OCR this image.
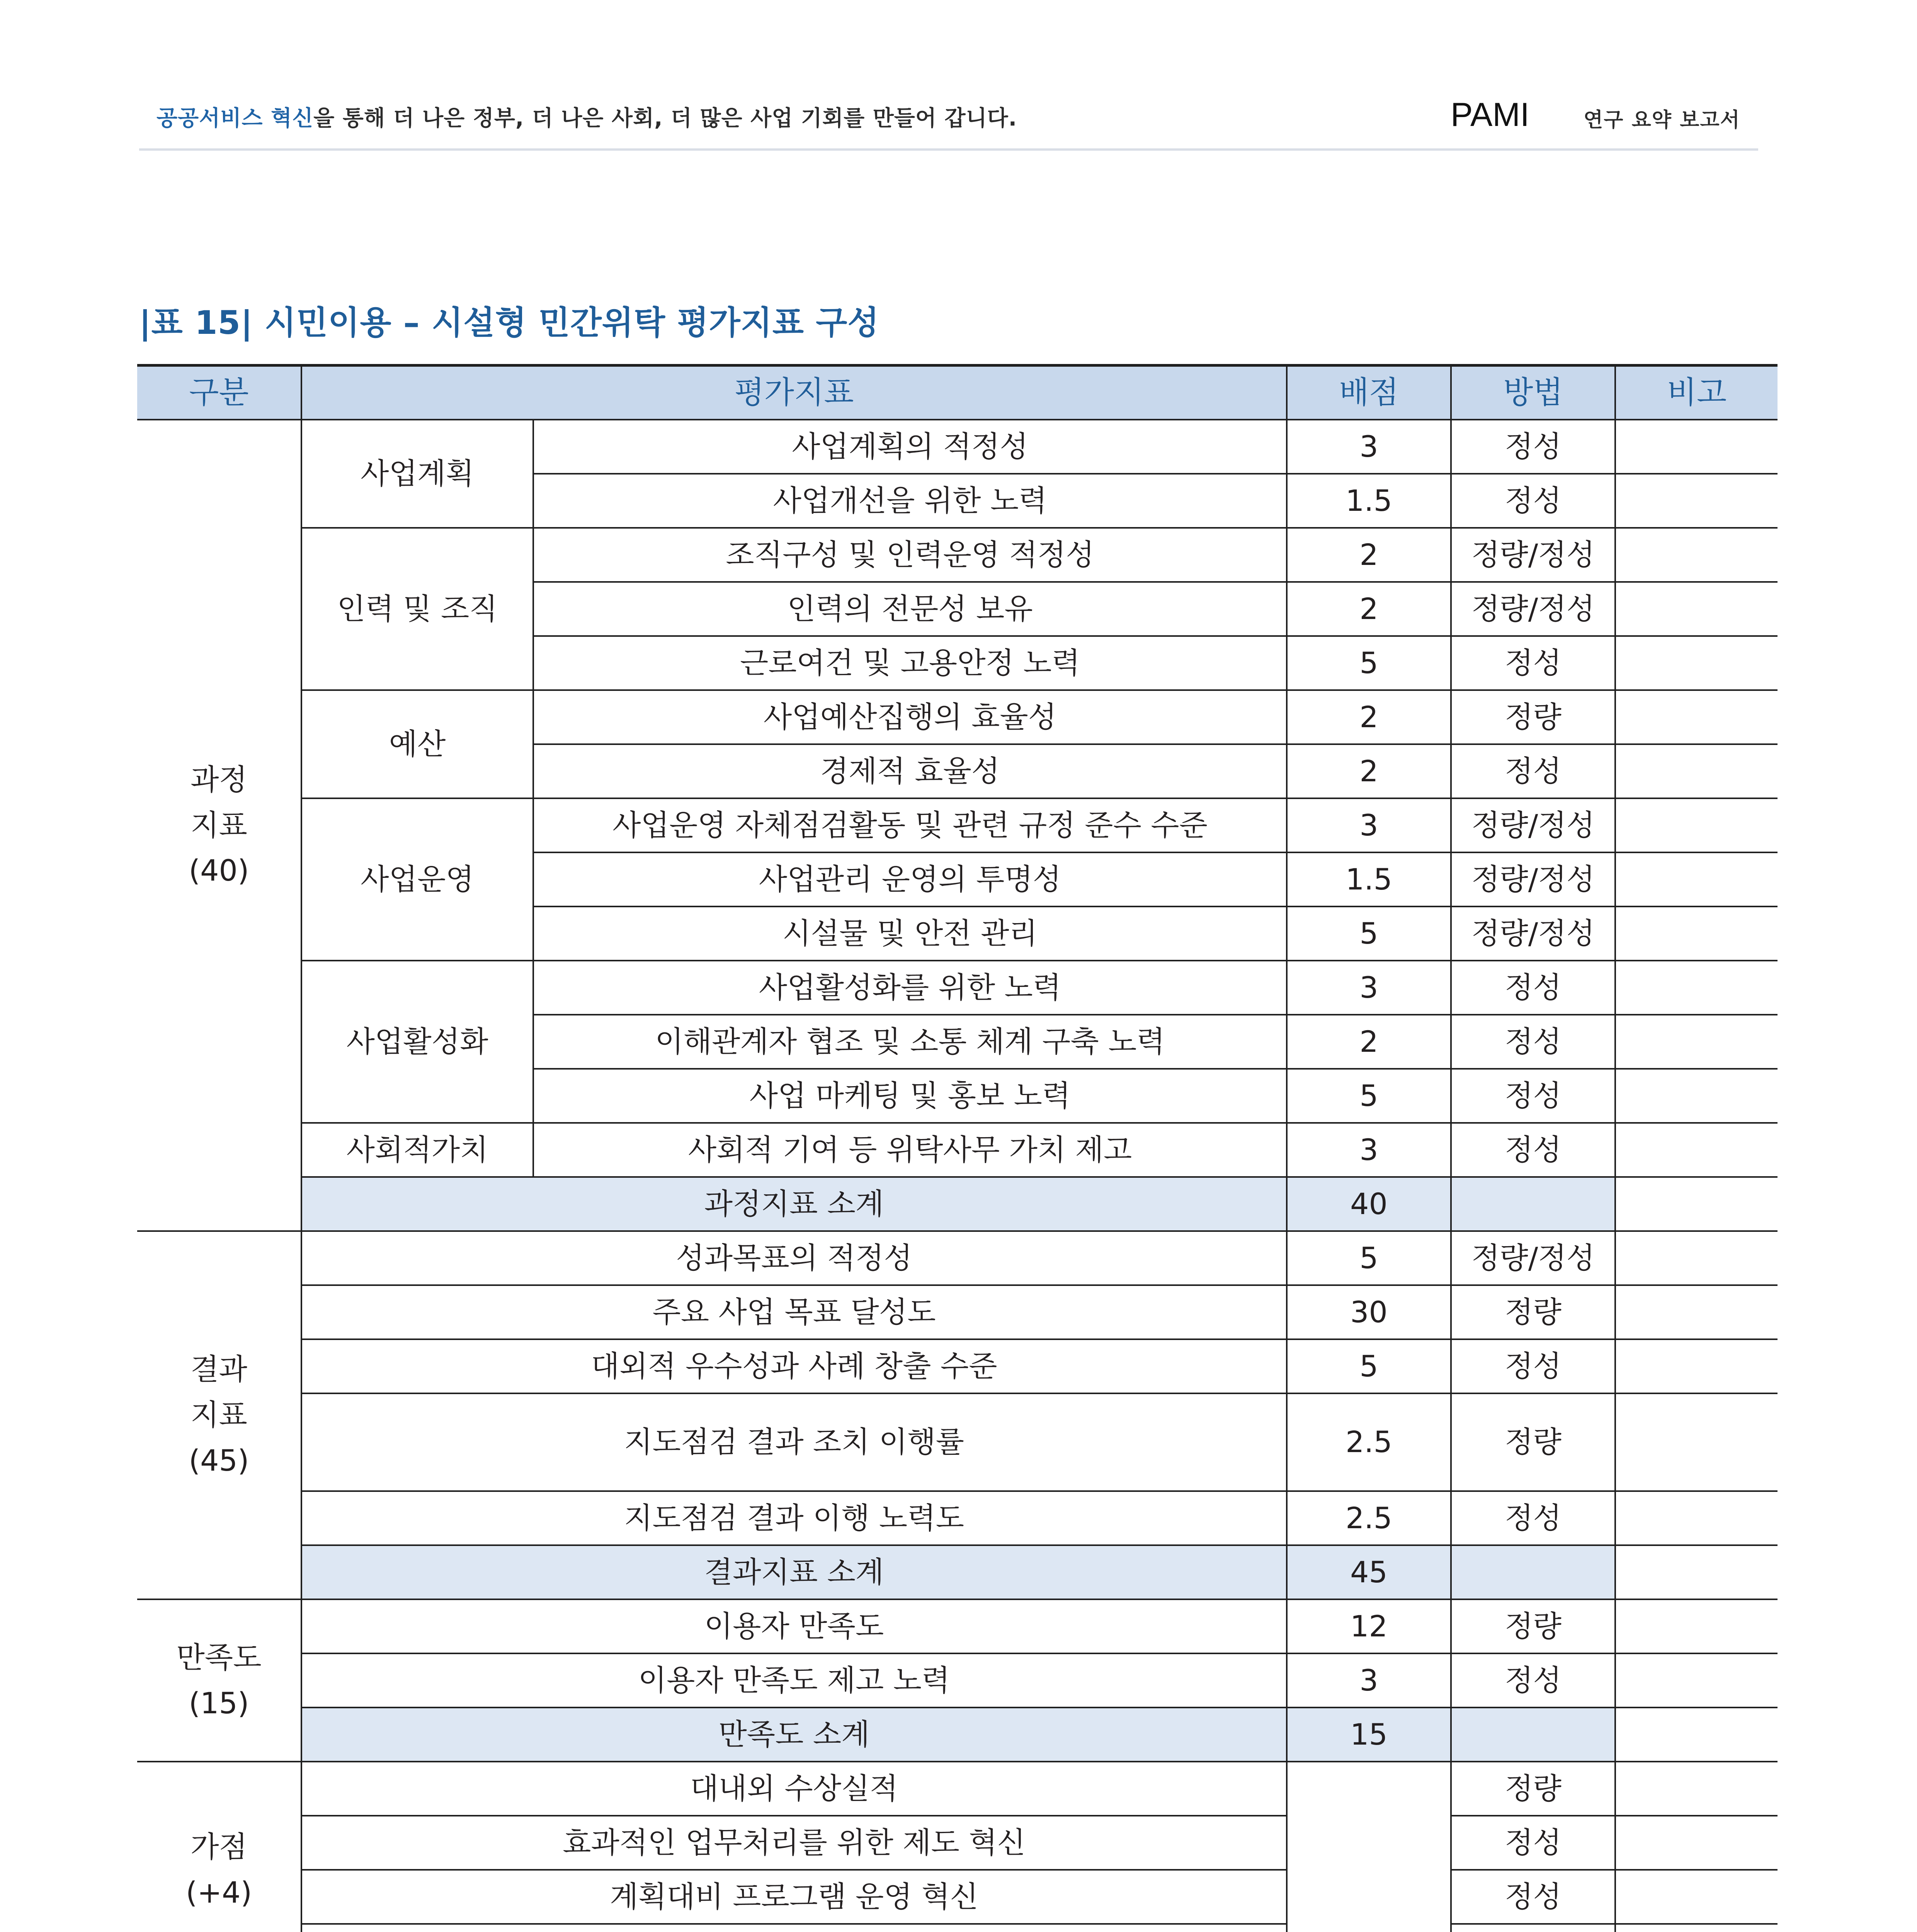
공공서비스 혁신을 통해 더 나은 정부, 더 나은 사회, 더 많은 사업 기회를 만들어 갑니다.	PAMI	연구 요약 보고서
|표 15| 시민이용 – 시설형 민간위탁 평가지표 구성
구분	평가지표		배점	방법	비고
과정
지표
(40)	사업계획	사업계획의 적정성	3	정성	
		사업개선을 위한 노력	1.5	정성	
	인력 및 조직	조직구성 및 인력운영 적정성	2	정량/정성	
		인력의 전문성 보유	2	정량/정성	
		근로여건 및 고용안정 노력	5	정성	
	예산	사업예산집행의 효율성	2	정량	
		경제적 효율성	2	정성	
	사업운영	사업운영 자체점검활동 및 관련 규정 준수 수준	3	정량/정성	
		사업관리 운영의 투명성	1.5	정량/정성	
		시설물 및 안전 관리	5	정량/정성	
	사업활성화	사업활성화를 위한 노력	3	정성	
		이해관계자 협조 및 소통 체계 구축 노력	2	정성	
		사업 마케팅 및 홍보 노력	5	정성	
	사회적가치	사회적 기여 등 위탁사무 가치 제고	3	정성	
	과정지표 소계		40		
결과
지표
(45)	성과목표의 적정성		5	정량/정성	
	주요 사업 목표 달성도		30	정량	
	대외적 우수성과 사례 창출 수준		5	정성	
	지도점검 결과 조치 이행률		2.5	정량	
	지도점검 결과 이행 노력도		2.5	정성	
	결과지표 소계		45		
만족도
(15)	이용자 만족도		12	정량	
	이용자 만족도 제고 노력		3	정성	
	만족도 소계		15		
가점
(+4)	대내외 수상실적			정량	
	효과적인 업무처리를 위한 제도 혁신			정성	
	계획대비 프로그램 운영 혁신			정성	
